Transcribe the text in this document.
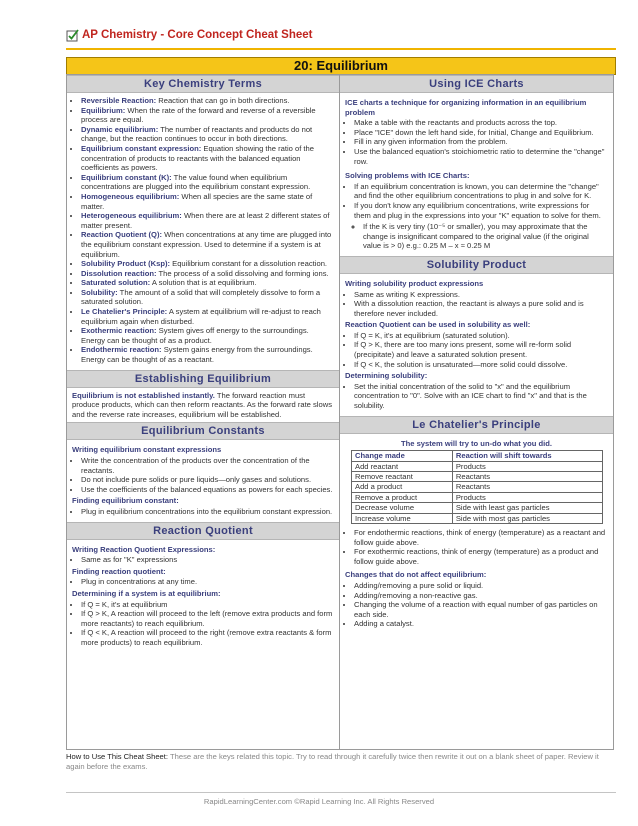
AP Chemistry - Core Concept Cheat Sheet
20: Equilibrium
Key Chemistry Terms
• Reversible Reaction: Reaction that can go in both directions.
• Equilibrium: When the rate of the forward and reverse of a reversible process are equal.
• Dynamic equilibrium: The number of reactants and products do not change, but the reaction continues to occur in both directions.
• Equilibrium constant expression: Equation showing the ratio of the concentration of products to reactants with the balanced equation coefficients as powers.
• Equilibrium constant (K): The value found when equilibrium concentrations are plugged into the equilibrium constant expression.
• Homogeneous equilibrium: When all species are the same state of matter.
• Heterogeneous equilibrium: When there are at least 2 different states of matter present.
• Reaction Quotient (Q): When concentrations at any time are plugged into the equilibrium constant expression. Used to determine if a system is at equilibrium.
• Solubility Product (Ksp): Equilibrium constant for a dissolution reaction.
• Dissolution reaction: The process of a solid dissolving and forming ions.
• Saturated solution: A solution that is at equilibrium.
• Solubility: The amount of a solid that will completely dissolve to form a saturated solution.
• Le Chatelier's Principle: A system at equilibrium will re-adjust to reach equilibrium again when disturbed.
• Exothermic reaction: System gives off energy to the surroundings. Energy can be thought of as a product.
• Endothermic reaction: System gains energy from the surroundings. Energy can be thought of as a reactant.
Establishing Equilibrium
Equilibrium is not established instantly. The forward reaction must produce products, which can then reform reactants. As the forward rate slows and the reverse rate increases, equilibrium will be established.
Equilibrium Constants
Writing equilibrium constant expressions
• Write the concentration of the products over the concentration of the reactants.
• Do not include pure solids or pure liquids—only gases and solutions.
• Use the coefficients of the balanced equations as powers for each species.
Finding equilibrium constant:
• Plug in equilibrium concentrations into the equilibrium constant expression.
Reaction Quotient
Writing Reaction Quotient Expressions:
• Same as for "K" expressions
Finding reaction quotient:
• Plug in concentrations at any time.
Determining if a system is at equilibrium:
• If Q = K, it's at equilibrium
• If Q > K, A reaction will proceed to the left (remove extra products and form more reactants) to reach equilibrium.
• If Q < K, A reaction will proceed to the right (remove extra reactants & form more products) to reach equilibrium.
Using ICE Charts
ICE charts a technique for organizing information in an equilibrium problem
• Make a table with the reactants and products across the top.
• Place "ICE" down the left hand side, for Initial, Change and Equilibrium.
• Fill in any given information from the problem.
• Use the balanced equation's stoichiometric ratio to determine the "change" row.
Solving problems with ICE Charts:
• If an equilibrium concentration is known, you can determine the "change" and find the other equilibrium concentrations to plug in and solve for K.
• If you don't know any equilibrium concentrations, write expressions for them and plug in the expressions into your "K" equation to solve for them.
◦ If the K is very tiny (10⁻⁵ or smaller), you may approximate that the change is insignificant compared to the original value (if the original value is > 0) e.g.: 0.25 M – x ≈ 0.25 M
Solubility Product
Writing solubility product expressions
• Same as writing K expressions.
• With a dissolution reaction, the reactant is always a pure solid and is therefore never included.
Reaction Quotient can be used in solubility as well:
• If Q = K, it's at equilibrium (saturated solution).
• If Q > K, there are too many ions present, some will re-form solid (precipitate) and leave a saturated solution present.
• If Q < K, the solution is unsaturated—more solid could dissolve.
Determining solubility:
• Set the initial concentration of the solid to "x" and the equilibrium concentration to "0". Solve with an ICE chart to find "x" and that is the solubility.
Le Chatelier's Principle
The system will try to un-do what you did.
Change made	Reaction will shift towards
Add reactant	Products
Remove reactant	Reactants
Add a product	Reactants
Remove a product	Products
Decrease volume	Side with least gas particles
Increase volume	Side with most gas particles
• For endothermic reactions, think of energy (temperature) as a reactant and follow guide above.
• For exothermic reactions, think of energy (temperature) as a product and follow guide above.
Changes that do not affect equilibrium:
• Adding/removing a pure solid or liquid.
• Adding/removing a non-reactive gas.
• Changing the volume of a reaction with equal number of gas particles on each side.
• Adding a catalyst.
How to Use This Cheat Sheet: These are the keys related this topic. Try to read through it carefully twice then rewrite it out on a blank sheet of paper. Review it again before the exams.
RapidLearningCenter.com ©Rapid Learning Inc. All Rights Reserved
